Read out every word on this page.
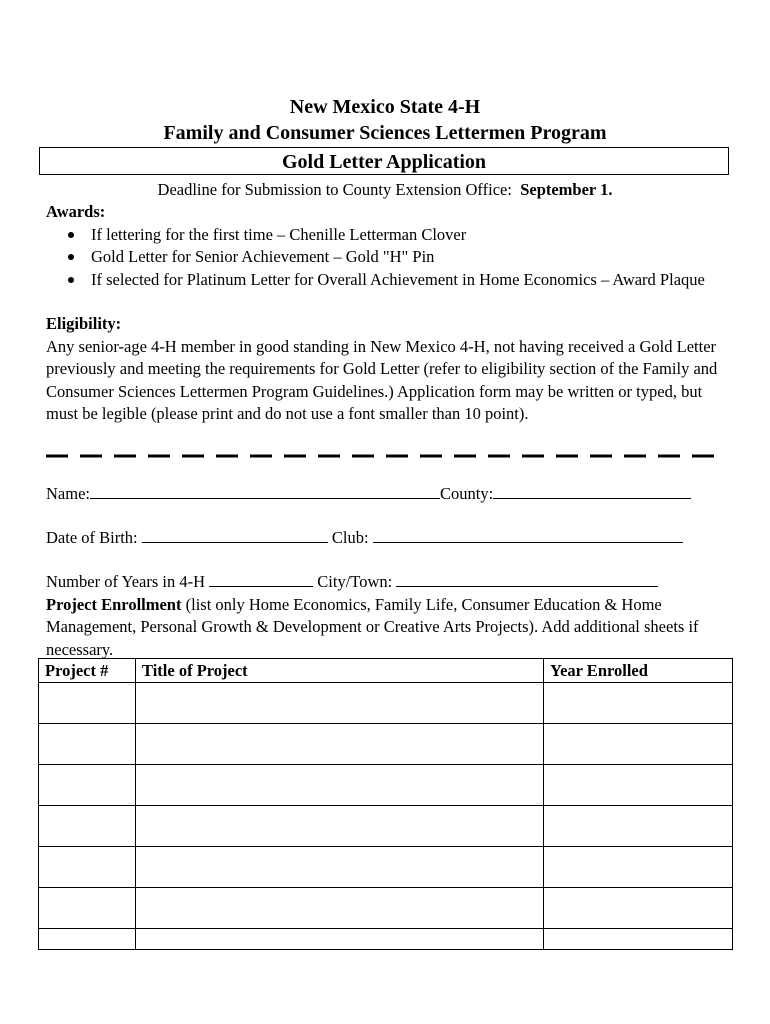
New Mexico State 4-H
Family and Consumer Sciences Lettermen Program
Gold Letter Application
Deadline for Submission to County Extension Office: September 1.
Awards:
If lettering for the first time – Chenille Letterman Clover
Gold Letter for Senior Achievement – Gold "H" Pin
If selected for Platinum Letter for Overall Achievement in Home Economics – Award Plaque
Eligibility:
Any senior-age 4-H member in good standing in New Mexico 4-H, not having received a Gold Letter previously and meeting the requirements for Gold Letter (refer to eligibility section of the Family and Consumer Sciences Lettermen Program Guidelines.) Application form may be written or typed, but must be legible (please print and do not use a font smaller than 10 point).
Name:	County:
Date of Birth:	Club:
Number of Years in 4-H	City/Town:
Project Enrollment (list only Home Economics, Family Life, Consumer Education & Home Management, Personal Growth & Development or Creative Arts Projects). Add additional sheets if necessary.
Project #	Title of Project	Year Enrolled
